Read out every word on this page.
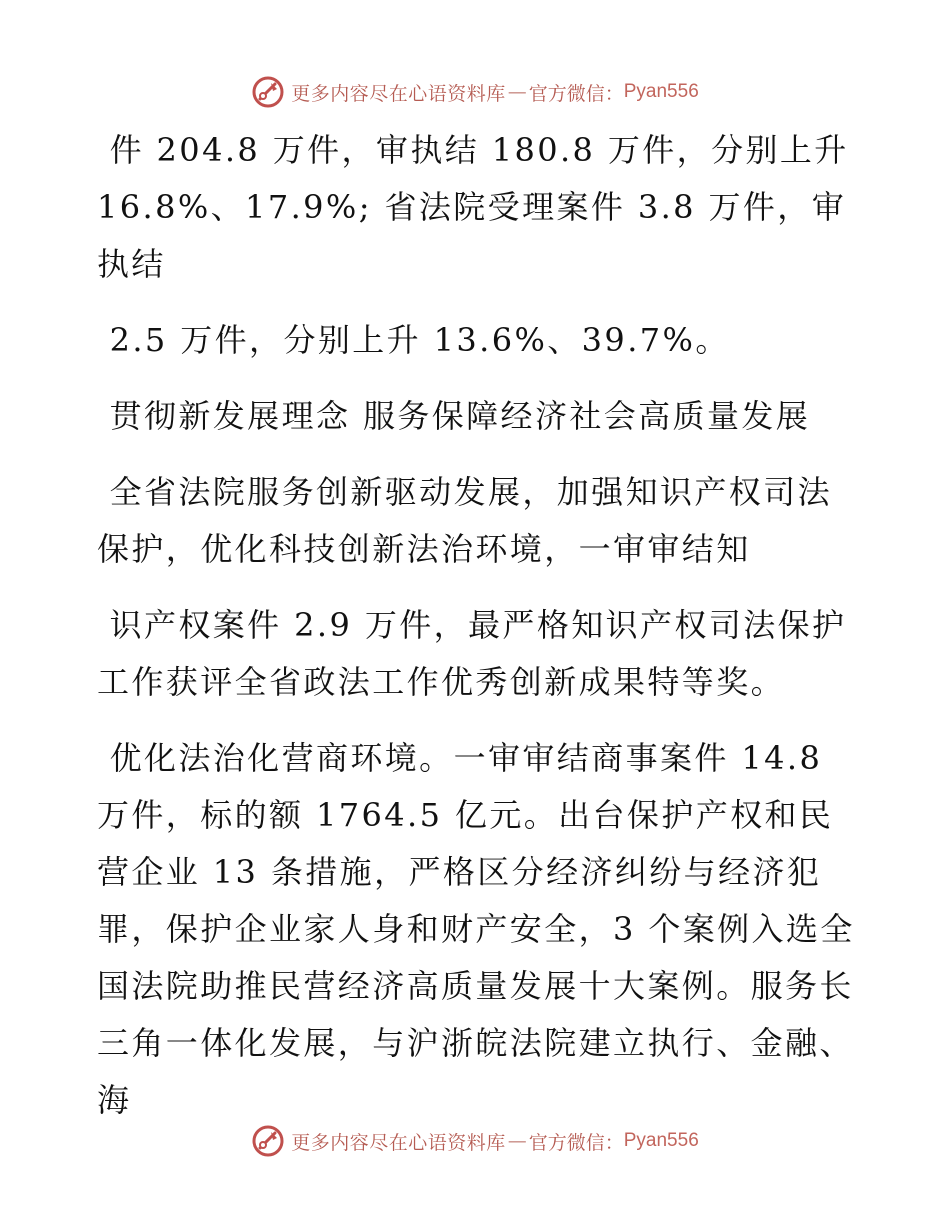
更多内容尽在心语资料库 — 官方微信： Pyan556

件 204.8 万件，审执结 180.8 万件，分别上升 16.8%、17.9%; 省法院受理案件 3.8 万件，审执结

2.5 万件，分别上升 13.6%、39.7%。

贯彻新发展理念 服务保障经济社会高质量发展

全省法院服务创新驱动发展，加强知识产权司法保护，优化科技创新法治环境，一审审结知

识产权案件 2.9 万件，最严格知识产权司法保护工作获评全省政法工作优秀创新成果特等奖。

优化法治化营商环境。一审审结商事案件 14.8 万件，标的额 1764.5 亿元。出台保护产权和民营企业 13 条措施，严格区分经济纠纷与经济犯罪，保护企业家人身和财产安全，3 个案例入选全国法院助推民营经济高质量发展十大案例。服务长三角一体化发展，与沪浙皖法院建立执行、金融、海

更多内容尽在心语资料库 — 官方微信： Pyan556
